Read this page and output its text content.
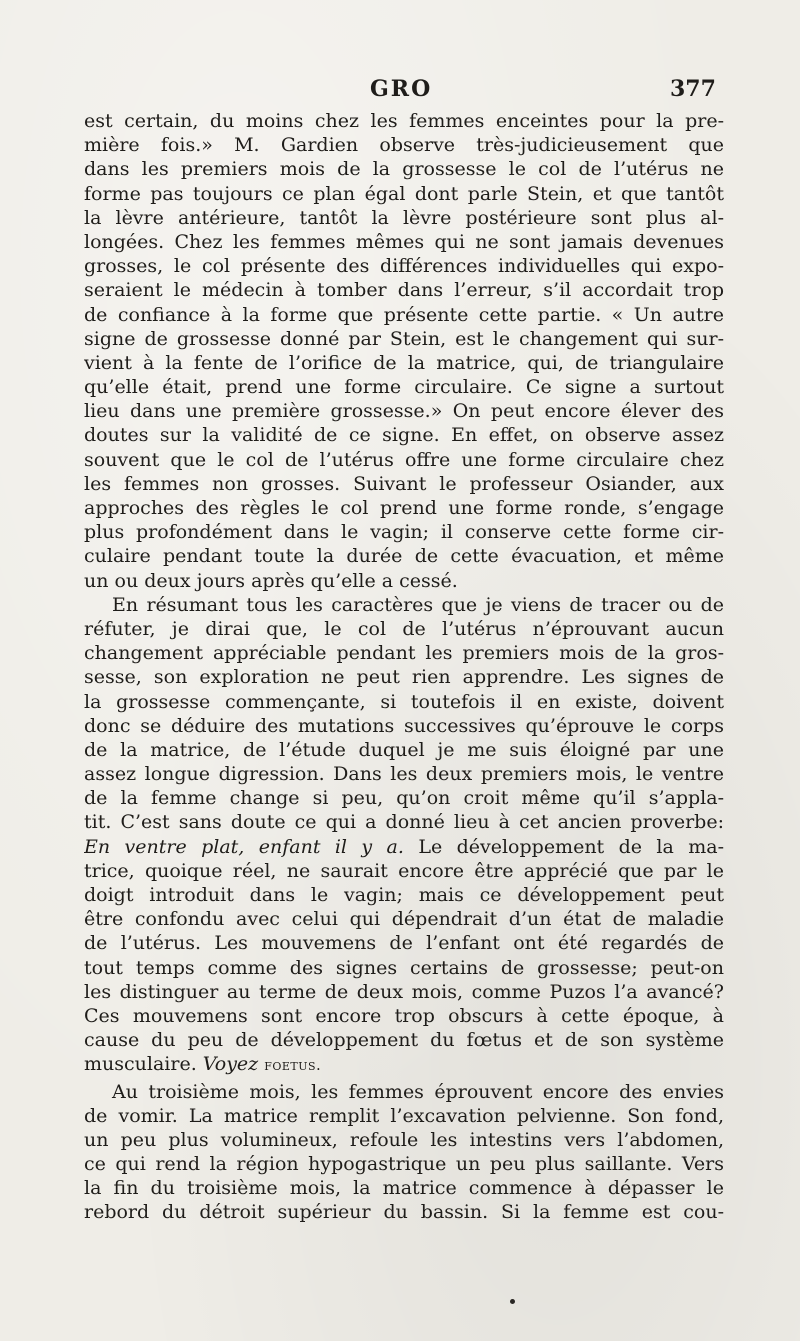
GRO	377
est certain, du moins chez les femmes enceintes pour la pre-
mière fois.» M. Gardien observe très-judicieusement que
dans les premiers mois de la grossesse le col de l’utérus ne
forme pas toujours ce plan égal dont parle Stein, et que tantôt
la lèvre antérieure, tantôt la lèvre postérieure sont plus al-
longées. Chez les femmes mêmes qui ne sont jamais devenues
grosses, le col présente des différences individuelles qui expo-
seraient le médecin à tomber dans l’erreur, s’il accordait trop
de confiance à la forme que présente cette partie. « Un autre
signe de grossesse donné par Stein, est le changement qui sur-
vient à la fente de l’orifice de la matrice, qui, de triangulaire
qu’elle était, prend une forme circulaire. Ce signe a surtout
lieu dans une première grossesse.» On peut encore élever des
doutes sur la validité de ce signe. En effet, on observe assez
souvent que le col de l’utérus offre une forme circulaire chez
les femmes non grosses. Suivant le professeur Osiander, aux
approches des règles le col prend une forme ronde, s’engage
plus profondément dans le vagin; il conserve cette forme cir-
culaire pendant toute la durée de cette évacuation, et même
un ou deux jours après qu’elle a cessé.
En résumant tous les caractères que je viens de tracer ou de
réfuter, je dirai que, le col de l’utérus n’éprouvant aucun
changement appréciable pendant les premiers mois de la gros-
sesse, son exploration ne peut rien apprendre. Les signes de
la grossesse commençante, si toutefois il en existe, doivent
donc se déduire des mutations successives qu’éprouve le corps
de la matrice, de l’étude duquel je me suis éloigné par une
assez longue digression. Dans les deux premiers mois, le ventre
de la femme change si peu, qu’on croit même qu’il s’appla-
tit. C’est sans doute ce qui a donné lieu à cet ancien proverbe:
En ventre plat, enfant il y a. Le développement de la ma-
trice, quoique réel, ne saurait encore être apprécié que par le
doigt introduit dans le vagin; mais ce développement peut
être confondu avec celui qui dépendrait d’un état de maladie
de l’utérus. Les mouvemens de l’enfant ont été regardés de
tout temps comme des signes certains de grossesse; peut-on
les distinguer au terme de deux mois, comme Puzos l’a avancé?
Ces mouvemens sont encore trop obscurs à cette époque, à
cause du peu de développement du fœtus et de son système
musculaire. Voyez foetus.
Au troisième mois, les femmes éprouvent encore des envies
de vomir. La matrice remplit l’excavation pelvienne. Son fond,
un peu plus volumineux, refoule les intestins vers l’abdomen,
ce qui rend la région hypogastrique un peu plus saillante. Vers
la fin du troisième mois, la matrice commence à dépasser le
rebord du détroit supérieur du bassin. Si la femme est cou-
